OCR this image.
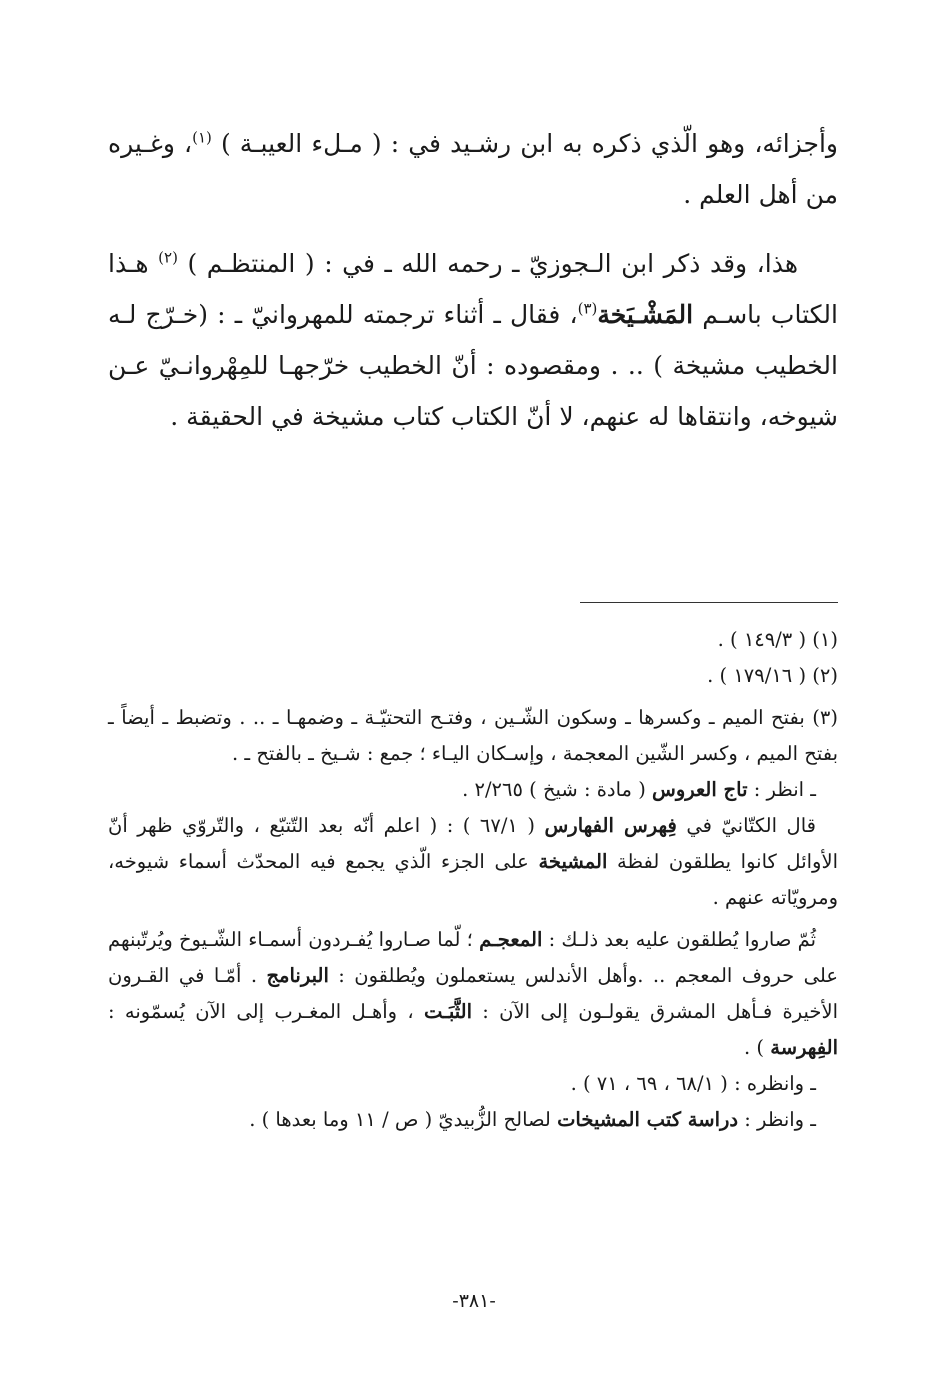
وأجزائه، وهو الّذي ذكره به ابن رشـيد في : ( مـلء العيبـة ) $^{(١)}$، وغـيره من أهل العلم .

هذا، وقد ذكر ابن الـجوزيّ ـ رحمه الله ـ في : ( المنتظـم ) $^{(٢)}$ هـذا الكتاب باسـم المَشْـيَخة$^{(٣)}$، فقال ـ أثناء ترجمته للمهروانيّ ـ : (خـرّج لـه الخطيب مشيخة ) .. . ومقصوده : أنّ الخطيب خرّجهـا للمِهْروانـيّ عـن شيوخه، وانتقاها له عنهم، لا أنّ الكتاب كتاب مشيخة في الحقيقة .

(١) ( ١٤٩/٣ ) .

(٢) ( ١٧٩/١٦ ) .

(٣) بفتح الميم ـ وكسرها ـ وسكون الشّـين ، وفتـح التحتيّـة ـ وضمهـا ـ .. . وتضبط ـ أيضاً ـ بفتح الميم ، وكسر الشّين المعجمة ، وإسـكان اليـاء ؛ جمع : شـيخ ـ بالفتح ـ .

ـ انظر : تاج العروس ( مادة : شيخ ) ٢/٢٦٥ .

قال الكتّانيّ في فِهرس الفهارس ( ٦٧/١ ) : ( اعلم أنّه بعد التّتبّع ، والتّروّي ظهر أنّ الأوائل كانوا يطلقون لفظة المشيخة على الجزء الّذي يجمع فيه المحدّث أسماء شيوخه، ومرويّاته عنهم .

ثُمّ صاروا يُطلقون عليه بعد ذلـك : المعجـم ؛ لّما صـاروا يُفـردون أسمـاء الشّـيوخ ويُرتّبنهم على حروف المعجم .. .وأهل الأندلس يستعملون ويُطلقون : البرنامج . أمّـا في القـرون الأخيرة فـأهل المشرق يقولـون إلى الآن : الثَّبَـت ، وأهـل المغـرب إلى الآن يُسمّونه : الفِهرسة ) .

ـ وانظره : ( ٦٨/١ ، ٦٩ ، ٧١ ) .

ـ وانظر : دراسة كتب المشيخات لصالح الزُّبيديّ ( ص / ١١ وما بعدها ) .

-٣٨١-
